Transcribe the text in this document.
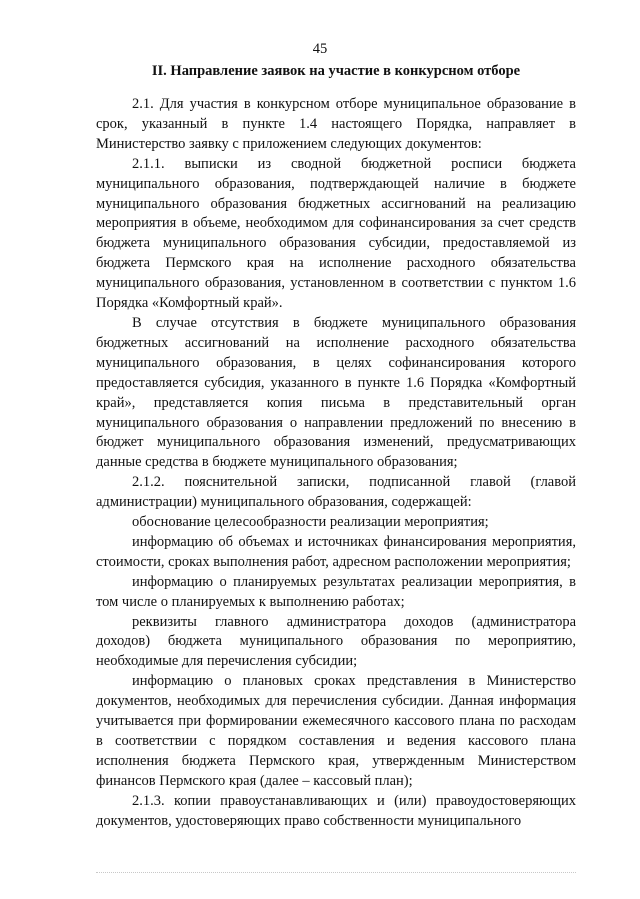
45
II. Направление заявок на участие в конкурсном отборе

2.1. Для участия в конкурсном отборе муниципальное образование в срок, указанный в пункте 1.4 настоящего Порядка, направляет в Министерство заявку с приложением следующих документов:

2.1.1. выписки из сводной бюджетной росписи бюджета муниципального образования, подтверждающей наличие в бюджете муниципального образования бюджетных ассигнований на реализацию мероприятия в объеме, необходимом для софинансирования за счет средств бюджета муниципального образования субсидии, предоставляемой из бюджета Пермского края на исполнение расходного обязательства муниципального образования, установленном в соответствии с пунктом 1.6 Порядка «Комфортный край».

В случае отсутствия в бюджете муниципального образования бюджетных ассигнований на исполнение расходного обязательства муниципального образования, в целях софинансирования которого предоставляется субсидия, указанного в пункте 1.6 Порядка «Комфортный край», представляется копия письма в представительный орган муниципального образования о направлении предложений по внесению в бюджет муниципального образования изменений, предусматривающих данные средства в бюджете муниципального образования;

2.1.2. пояснительной записки, подписанной главой (главой администрации) муниципального образования, содержащей:

обоснование целесообразности реализации мероприятия;

информацию об объемах и источниках финансирования мероприятия, стоимости, сроках выполнения работ, адресном расположении мероприятия;

информацию о планируемых результатах реализации мероприятия, в том числе о планируемых к выполнению работах;

реквизиты главного администратора доходов (администратора доходов) бюджета муниципального образования по мероприятию, необходимые для перечисления субсидии;

информацию о плановых сроках представления в Министерство документов, необходимых для перечисления субсидии. Данная информация учитывается при формировании ежемесячного кассового плана по расходам в соответствии с порядком составления и ведения кассового плана исполнения бюджета Пермского края, утвержденным Министерством финансов Пермского края (далее – кассовый план);

2.1.3. копии правоустанавливающих и (или) правоудостоверяющих документов, удостоверяющих право собственности муниципального
